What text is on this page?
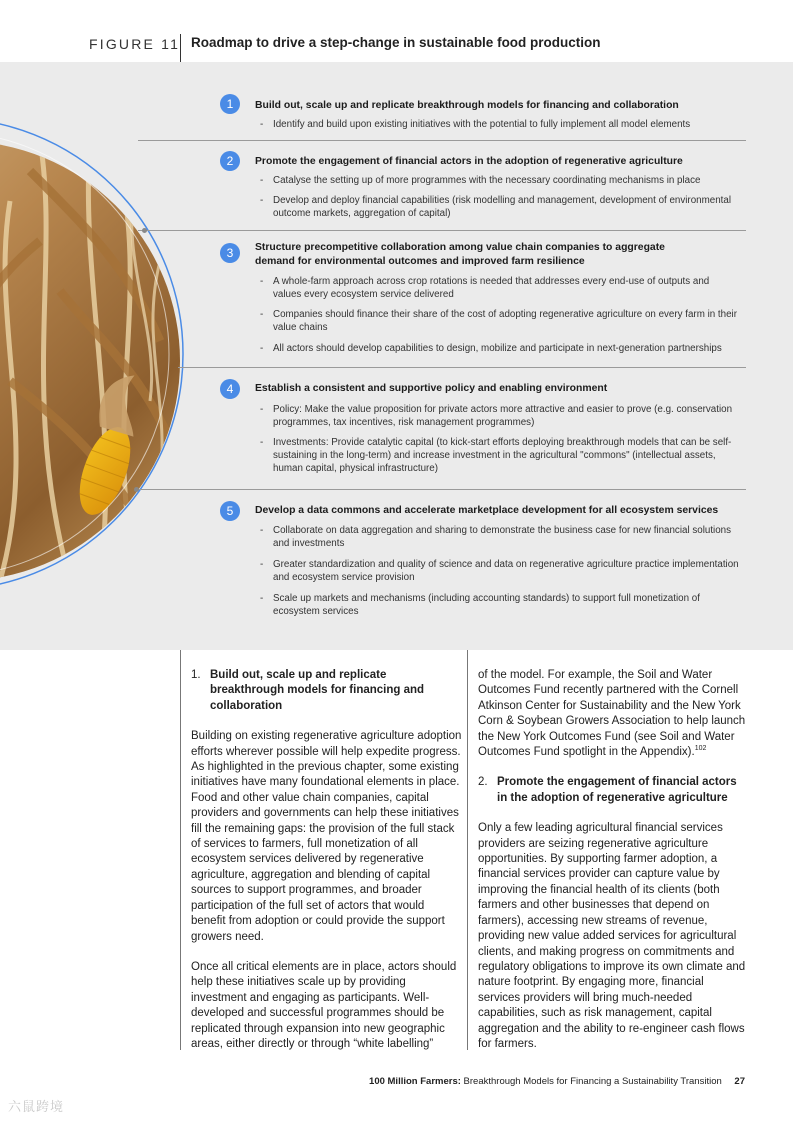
FIGURE 11 Roadmap to drive a step-change in sustainable food production
1	Build out, scale up and replicate breakthrough models for financing and collaboration
- Identify and build upon existing initiatives with the potential to fully implement all model elements
2	Promote the engagement of financial actors in the adoption of regenerative agriculture
- Catalyse the setting up of more programmes with the necessary coordinating mechanisms in place
- Develop and deploy financial capabilities (risk modelling and management, development of environmental outcome markets, aggregation of capital)
3	Structure precompetitive collaboration among value chain companies to aggregate demand for environmental outcomes and improved farm resilience
- A whole-farm approach across crop rotations is needed that addresses every end-use of outputs and values every ecosystem service delivered
- Companies should finance their share of the cost of adopting regenerative agriculture on every farm in their value chains
- All actors should develop capabilities to design, mobilize and participate in next-generation partnerships
4	Establish a consistent and supportive policy and enabling environment
- Policy: Make the value proposition for private actors more attractive and easier to prove (e.g. conservation programmes, tax incentives, risk management programmes)
- Investments: Provide catalytic capital (to kick-start efforts deploying breakthrough models that can be self-sustaining in the long-term) and increase investment in the agricultural "commons" (intellectual assets, human capital, physical infrastructure)
5	Develop a data commons and accelerate marketplace development for all ecosystem services
- Collaborate on data aggregation and sharing to demonstrate the business case for new financial solutions and investments
- Greater standardization and quality of science and data on regenerative agriculture practice implementation and ecosystem service provision
- Scale up markets and mechanisms (including accounting standards) to support full monetization of ecosystem services
1. Build out, scale up and replicate breakthrough models for financing and collaboration

Building on existing regenerative agriculture adoption efforts wherever possible will help expedite progress. As highlighted in the previous chapter, some existing initiatives have many foundational elements in place. Food and other value chain companies, capital providers and governments can help these initiatives fill the remaining gaps: the provision of the full stack of services to farmers, full monetization of all ecosystem services delivered by regenerative agriculture, aggregation and blending of capital sources to support programmes, and broader participation of the full set of actors that would benefit from adoption or could provide the support growers need.

Once all critical elements are in place, actors should help these initiatives scale up by providing investment and engaging as participants. Well-developed and successful programmes should be replicated through expansion into new geographic areas, either directly or through “white labelling”

of the model. For example, the Soil and Water Outcomes Fund recently partnered with the Cornell Atkinson Center for Sustainability and the New York Corn & Soybean Growers Association to help launch the New York Outcomes Fund (see Soil and Water Outcomes Fund spotlight in the Appendix).$^{102}$

2. Promote the engagement of financial actors in the adoption of regenerative agriculture

Only a few leading agricultural financial services providers are seizing regenerative agriculture opportunities. By supporting farmer adoption, a financial services provider can capture value by improving the financial health of its clients (both farmers and other businesses that depend on farmers), accessing new streams of revenue, providing new value added services for agricultural clients, and making progress on commitments and regulatory obligations to improve its own climate and nature footprint. By engaging more, financial services providers will bring much-needed capabilities, such as risk management, capital aggregation and the ability to re-engineer cash flows for farmers.

100 Million Farmers: Breakthrough Models for Financing a Sustainability Transition 27
六鼠跨境
